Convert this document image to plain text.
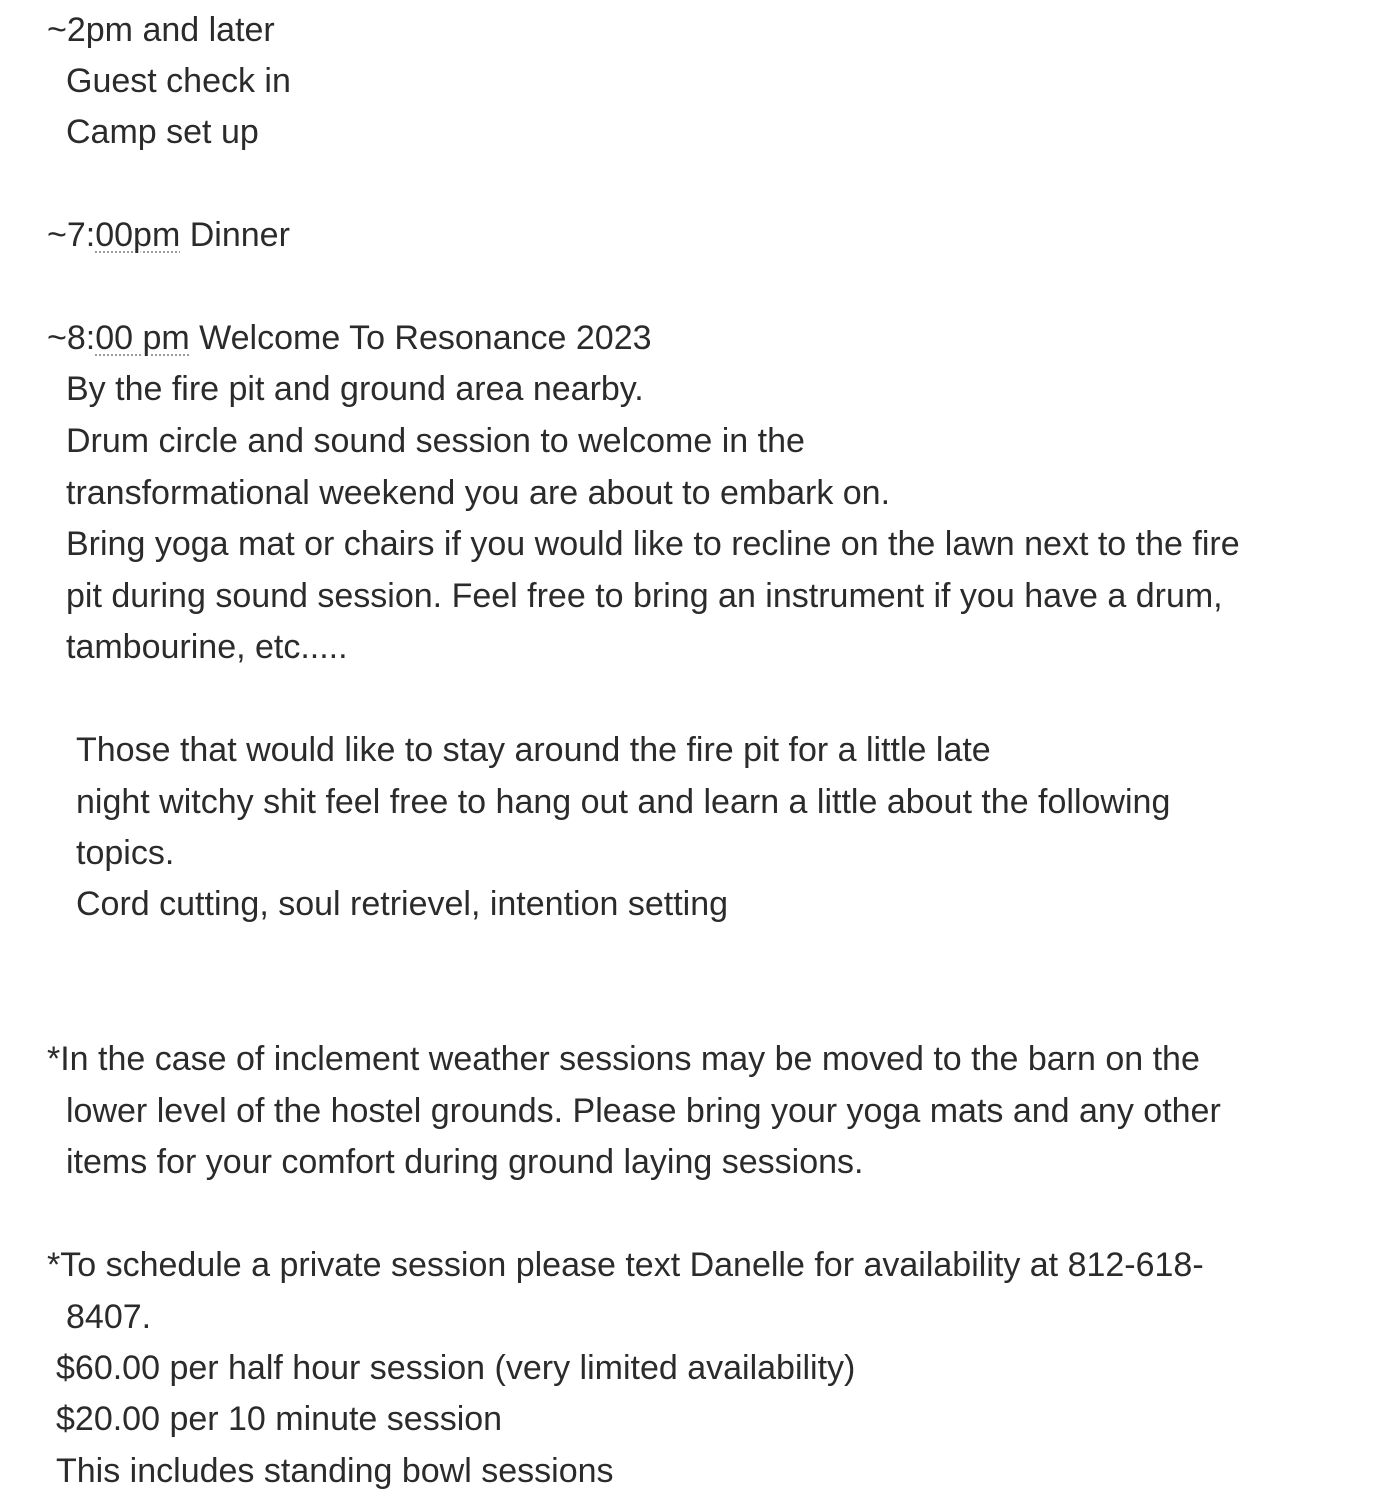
~2pm and later
Guest check in
Camp set up
~7:00pm Dinner
~8:00 pm Welcome To Resonance 2023
By the fire pit and ground area nearby.
Drum circle and sound session to welcome in the
transformational weekend you are about to embark on.
Bring yoga mat or chairs if you would like to recline on the lawn next to the fire
pit during sound session. Feel free to bring an instrument if you have a drum,
tambourine, etc.....
Those that would like to stay around the fire pit for a little late
night witchy shit feel free to hang out and learn a little about the following
topics.
Cord cutting, soul retrievel, intention setting
*In the case of inclement weather sessions may be moved to the barn on the
lower level of the hostel grounds. Please bring your yoga mats and any other
items for your comfort during ground laying sessions.
*To schedule a private session please text Danelle for availability at 812-618-
8407.
$60.00 per half hour session (very limited availability)
$20.00 per 10 minute session
This includes standing bowl sessions
